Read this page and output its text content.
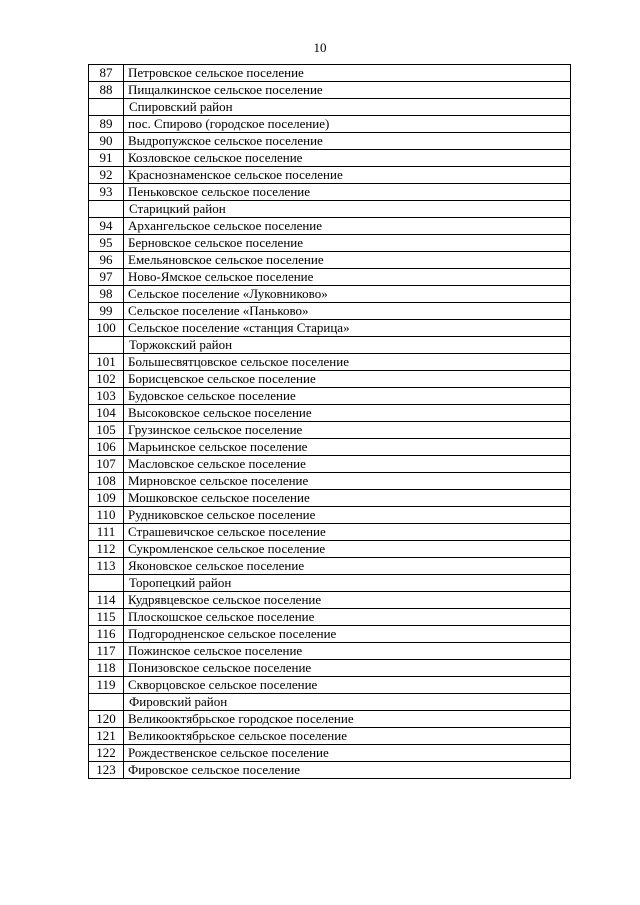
10
87	Петровское сельское поселение
88	Пищалкинское сельское поселение
	Спировский район
89	пос. Спирово (городское поселение)
90	Выдропужское сельское поселение
91	Козловское сельское поселение
92	Краснознаменское сельское поселение
93	Пеньковское сельское поселение
	Старицкий район
94	Архангельское сельское поселение
95	Берновское сельское поселение
96	Емельяновское сельское поселение
97	Ново-Ямское сельское поселение
98	Сельское поселение «Луковниково»
99	Сельское поселение «Паньково»
100	Сельское поселение «станция Старица»
	Торжокский район
101	Большесвятцовское сельское поселение
102	Борисцевское сельское поселение
103	Будовское сельское поселение
104	Высоковское сельское поселение
105	Грузинское сельское поселение
106	Марьинское сельское поселение
107	Масловское сельское поселение
108	Мирновское сельское поселение
109	Мошковское сельское поселение
110	Рудниковское сельское поселение
111	Страшевичское сельское поселение
112	Сукромленское сельское поселение
113	Яконовское сельское поселение
	Торопецкий район
114	Кудрявцевское сельское поселение
115	Плоскошское сельское поселение
116	Подгородненское сельское поселение
117	Пожинское сельское поселение
118	Понизовское сельское поселение
119	Скворцовское сельское поселение
	Фировский район
120	Великооктябрьское городское поселение
121	Великооктябрьское сельское поселение
122	Рождественское сельское поселение
123	Фировское сельское поселение
